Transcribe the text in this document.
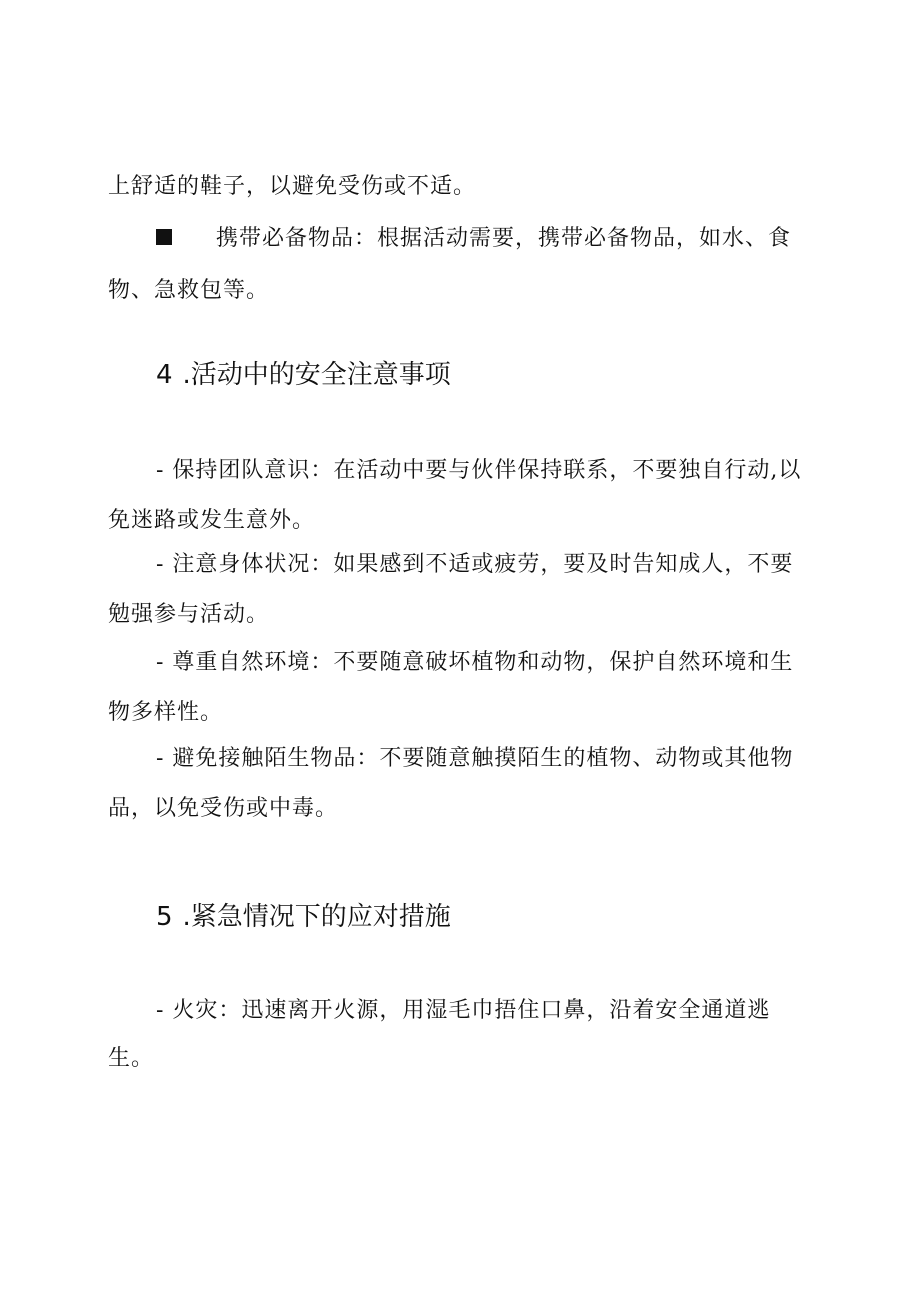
上舒适的鞋子，以避免受伤或不适。
携带必备物品：根据活动需要，携带必备物品，如水、食
物、急救包等。
4 .活动中的安全注意事项
- 保持团队意识：在活动中要与伙伴保持联系，不要独自行动,以
免迷路或发生意外。
- 注意身体状况：如果感到不适或疲劳，要及时告知成人，不要
勉强参与活动。
- 尊重自然环境：不要随意破坏植物和动物，保护自然环境和生
物多样性。
- 避免接触陌生物品：不要随意触摸陌生的植物、动物或其他物
品，以免受伤或中毒。
5 .紧急情况下的应对措施
- 火灾：迅速离开火源，用湿毛巾捂住口鼻，沿着安全通道逃
生。
